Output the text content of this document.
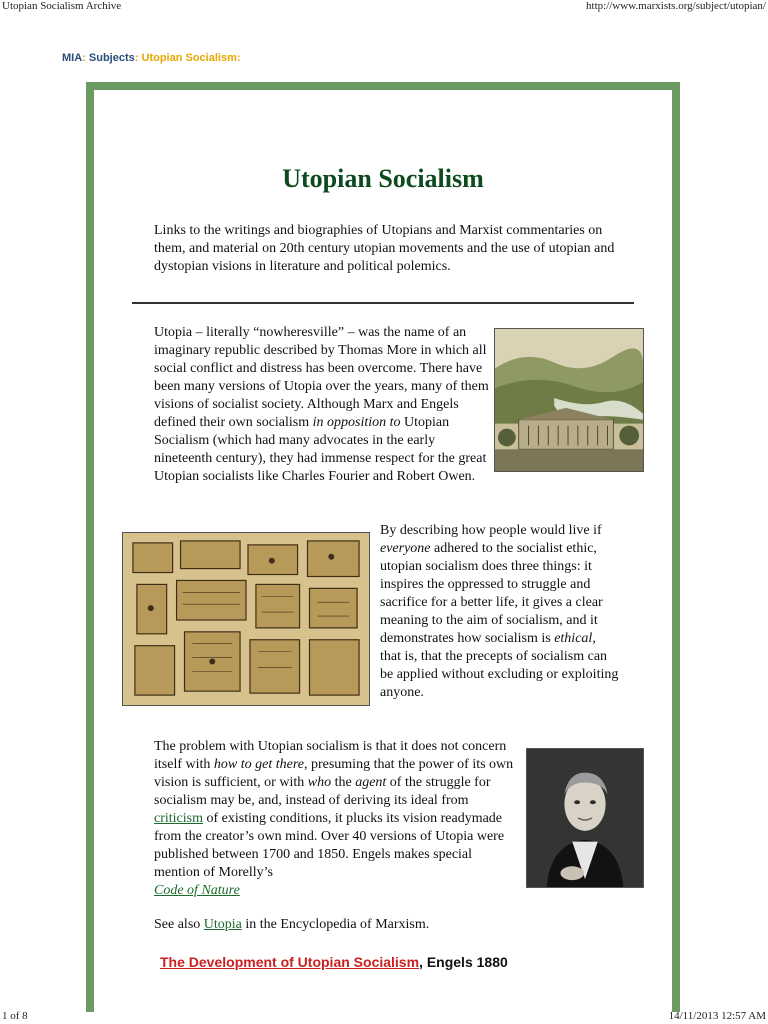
Utopian Socialism Archive	http://www.marxists.org/subject/utopian/
MIA: Subjects: Utopian Socialism:
Utopian Socialism

Links to the writings and biographies of Utopians and Marxist commentaries on them, and material on 20th century utopian movements and the use of utopian and dystopian visions in literature and political polemics.

Utopia – literally “nowheresville” – was the name of an imaginary republic described by Thomas More in which all social conflict and distress has been overcome. There have been many versions of Utopia over the years, many of them visions of socialist society. Although Marx and Engels defined their own socialism in opposition to Utopian Socialism (which had many advocates in the early nineteenth century), they had immense respect for the great Utopian socialists like Charles Fourier and Robert Owen.

By describing how people would live if everyone adhered to the socialist ethic, utopian socialism does three things: it inspires the oppressed to struggle and sacrifice for a better life, it gives a clear meaning to the aim of socialism, and it demonstrates how socialism is ethical, that is, that the precepts of socialism can be applied without excluding or exploiting anyone.

The problem with Utopian socialism is that it does not concern itself with how to get there, presuming that the power of its own vision is sufficient, or with who the agent of the struggle for socialism may be, and, instead of deriving its ideal from criticism of existing conditions, it plucks its vision readymade from the creator’s own mind. Over 40 versions of Utopia were published between 1700 and 1850. Engels makes special mention of Morelly’s
Code of Nature

See also Utopia in the Encyclopedia of Marxism.

The Development of Utopian Socialism, Engels 1880
1 of 8	14/11/2013 12:57 AM
